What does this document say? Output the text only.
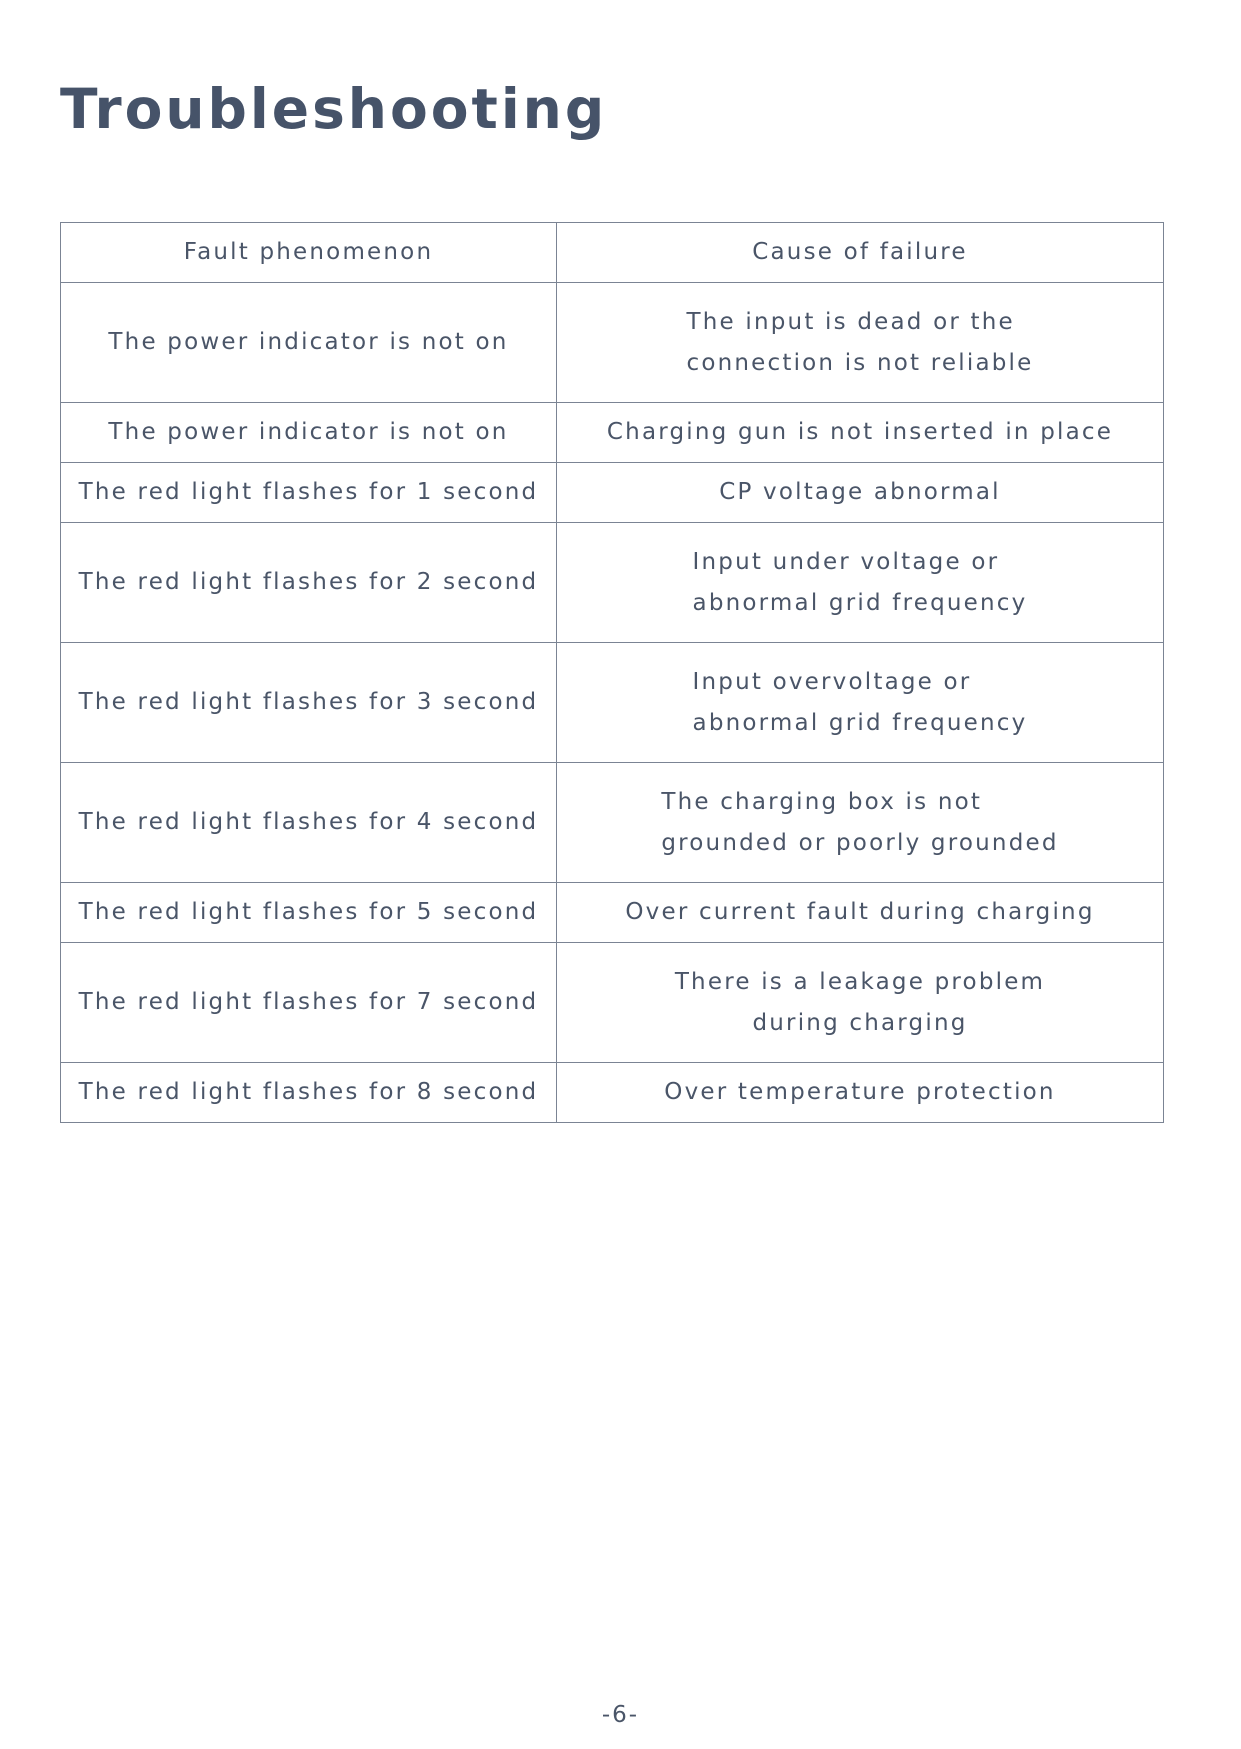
Troubleshooting
Fault phenomenon	Cause of failure
The power indicator is not on	The input is dead or the
connection is not reliable

The power indicator is not on	Charging gun is not inserted in place
The red light flashes for 1 second	CP voltage abnormal
The red light flashes for 2 second	Input under voltage or
abnormal grid frequency

The red light flashes for 3 second	Input overvoltage or
abnormal grid frequency

The red light flashes for 4 second	The charging box is not
grounded or poorly grounded

The red light flashes for 5 second	Over current fault during charging
The red light flashes for 7 second	There is a leakage problem
during charging

The red light flashes for 8 second	Over temperature protection
-6-
